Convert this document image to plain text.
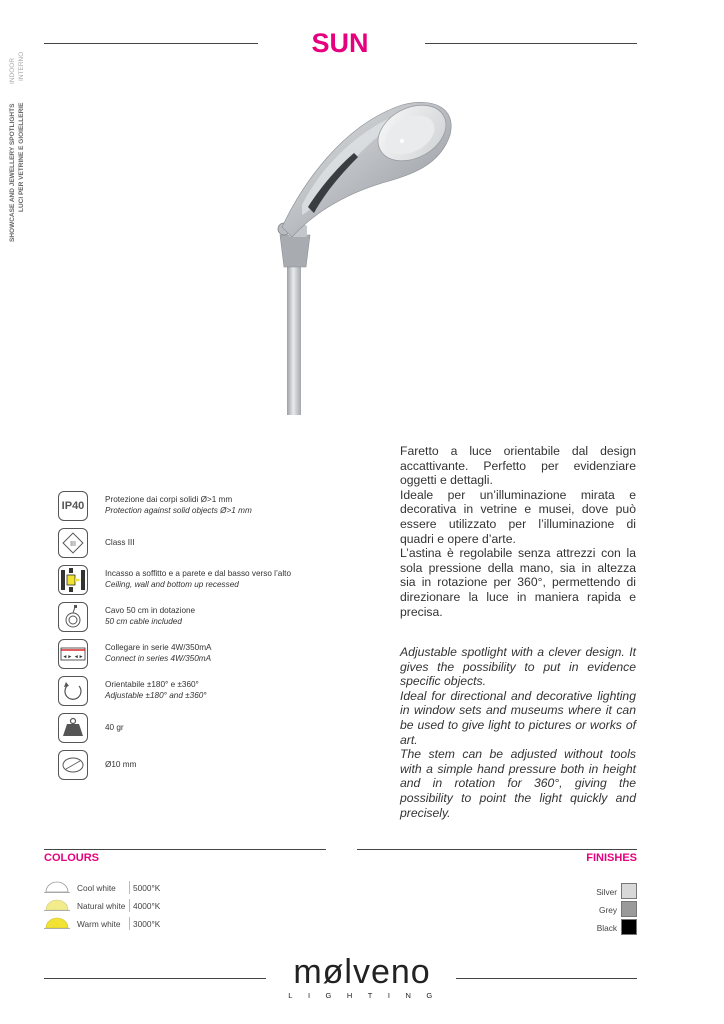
SUN
SHOWCASE AND JEWELLERY SPOTLIGHTS  INDOOR
LUCI PER VETRINE E GIOIELLERIE  INTERNO

Faretto a luce orientabile dal design accattivante. Perfetto per evidenziare oggetti e dettagli.

Ideale per un’illuminazione mirata e decorativa in vetrine e musei, dove può essere utilizzato per l’illuminazione di quadri e opere d’arte.

L’astina è regolabile senza attrezzi con la sola pressione della mano, sia in altezza sia in rotazione per 360°, permettendo di direzionare la luce in maniera rapida e precisa.

Adjustable spotlight with a clever design. It gives the possibility to put in evidence specific objects.

Ideal for directional and decorative lighting in window sets and museums where it can be used to give light to pictures or works of art.

The stem can be adjusted without tools with a simple hand pressure both in height and in rotation for 360°, giving the possibility to point the light quickly and precisely.

IP40
Protezione dai corpi solidi Ø>1 mm
Protection against solid objects Ø>1 mm
III	Class III
Incasso a soffitto e a parete e dal basso verso l’alto
Ceiling, wall and bottom up recessed
Cavo 50 cm in dotazione
50 cm cable included
◄► ◄►
Collegare in serie 4W/350mA
Connect in series 4W/350mA
Orientabile ±180° e ±360°
Adjustable ±180° and ±360°
40 gr
Ø10 mm
COLOURS	FINISHES
Cool white 5000°K
Natural white 4000°K
Warm white 3000°K
Silver
Grey
Black
mølveno
LIGHTING
